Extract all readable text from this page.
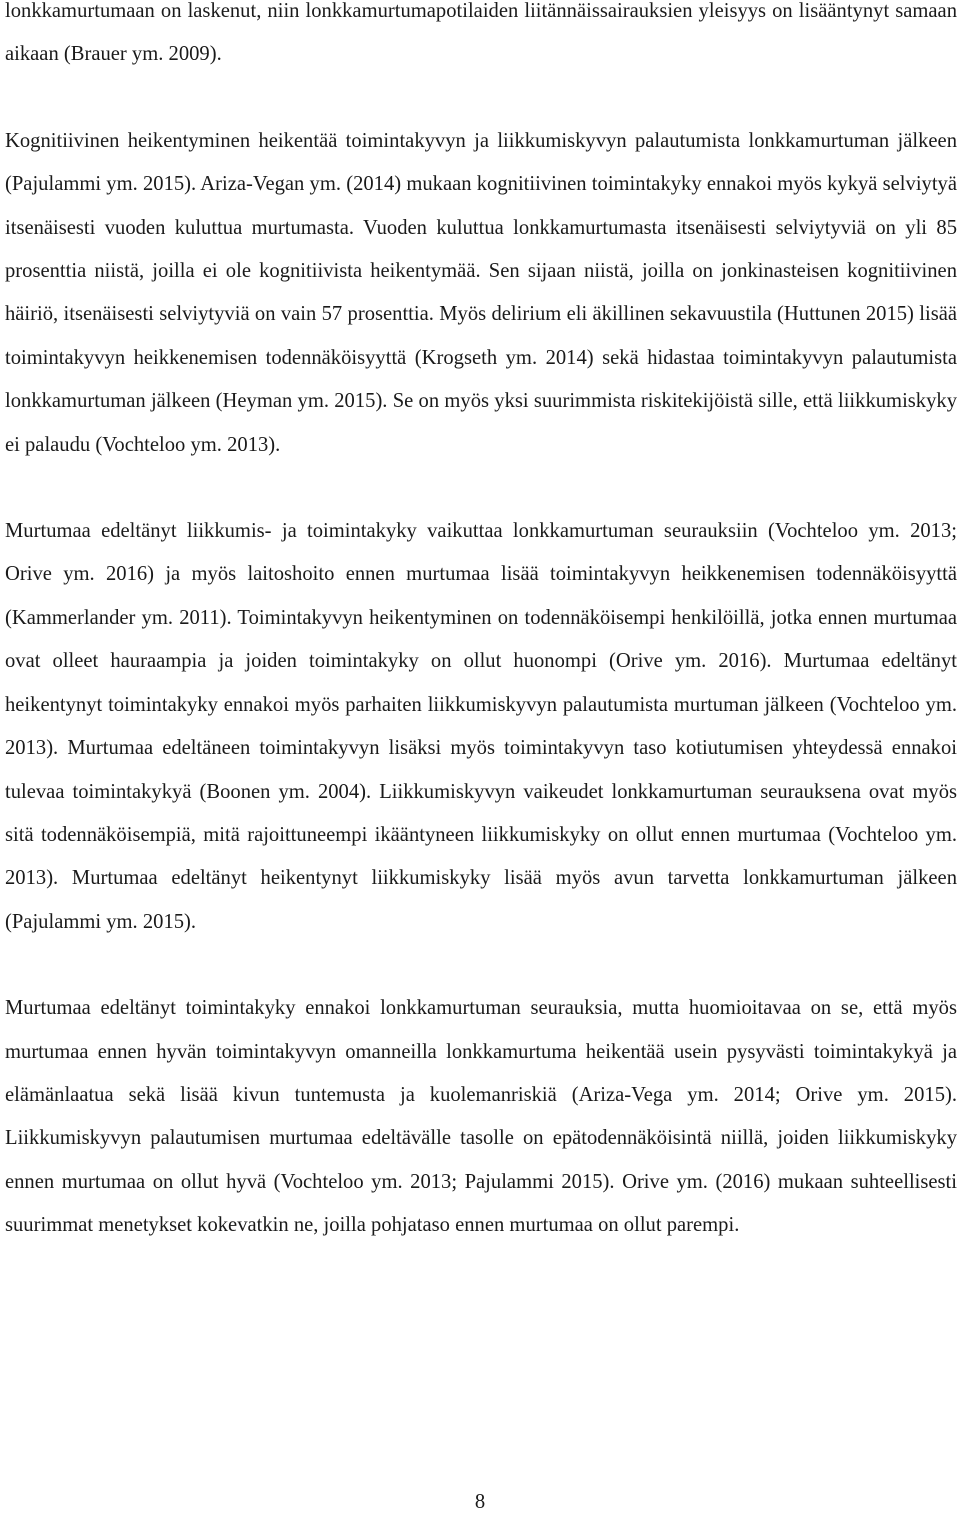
lonkkamurtumaan on laskenut, niin lonkkamurtumapotilaiden liitännäissairauksien yleisyys on lisääntynyt samaan aikaan (Brauer ym. 2009).

Kognitiivinen heikentyminen heikentää toimintakyvyn ja liikkumiskyvyn palautumista lonkkamurtuman jälkeen (Pajulammi ym. 2015). Ariza-Vegan ym. (2014) mukaan kognitiivinen toimintakyky ennakoi myös kykyä selviytyä itsenäisesti vuoden kuluttua murtumasta. Vuoden kuluttua lonkkamurtumasta itsenäisesti selviytyviä on yli 85 prosenttia niistä, joilla ei ole kognitiivista heikentymää. Sen sijaan niistä, joilla on jonkinasteisen kognitiivinen häiriö, itsenäisesti selviytyviä on vain 57 prosenttia. Myös delirium eli äkillinen sekavuustila (Huttunen 2015) lisää toimintakyvyn heikkenemisen todennäköisyyttä (Krogseth ym. 2014) sekä hidastaa toimintakyvyn palautumista lonkkamurtuman jälkeen (Heyman ym. 2015). Se on myös yksi suurimmista riskitekijöistä sille, että liikkumiskyky ei palaudu (Vochteloo ym. 2013).

Murtumaa edeltänyt liikkumis- ja toimintakyky vaikuttaa lonkkamurtuman seurauksiin (Vochteloo ym. 2013; Orive ym. 2016) ja myös laitoshoito ennen murtumaa lisää toimintakyvyn heikkenemisen todennäköisyyttä (Kammerlander ym. 2011). Toimintakyvyn heikentyminen on todennäköisempi henkilöillä, jotka ennen murtumaa ovat olleet hauraampia ja joiden toimintakyky on ollut huonompi (Orive ym. 2016). Murtumaa edeltänyt heikentynyt toimintakyky ennakoi myös parhaiten liikkumiskyvyn palautumista murtuman jälkeen (Vochteloo ym. 2013). Murtumaa edeltäneen toimintakyvyn lisäksi myös toimintakyvyn taso kotiutumisen yhteydessä ennakoi tulevaa toimintakykyä (Boonen ym. 2004). Liikkumiskyvyn vaikeudet lonkkamurtuman seurauksena ovat myös sitä todennäköisempiä, mitä rajoittuneempi ikääntyneen liikkumiskyky on ollut ennen murtumaa (Vochteloo ym. 2013). Murtumaa edeltänyt heikentynyt liikkumiskyky lisää myös avun tarvetta lonkkamurtuman jälkeen (Pajulammi ym. 2015).

Murtumaa edeltänyt toimintakyky ennakoi lonkkamurtuman seurauksia, mutta huomioitavaa on se, että myös murtumaa ennen hyvän toimintakyvyn omanneilla lonkkamurtuma heikentää usein pysyvästi toimintakykyä ja elämänlaatua sekä lisää kivun tuntemusta ja kuolemanriskiä (Ariza-Vega ym. 2014; Orive ym. 2015). Liikkumiskyvyn palautumisen murtumaa edeltävälle tasolle on epätodennäköisintä niillä, joiden liikkumiskyky ennen murtumaa on ollut hyvä (Vochteloo ym. 2013; Pajulammi 2015). Orive ym. (2016) mukaan suhteellisesti suurimmat menetykset kokevatkin ne, joilla pohjataso ennen murtumaa on ollut parempi.

8
